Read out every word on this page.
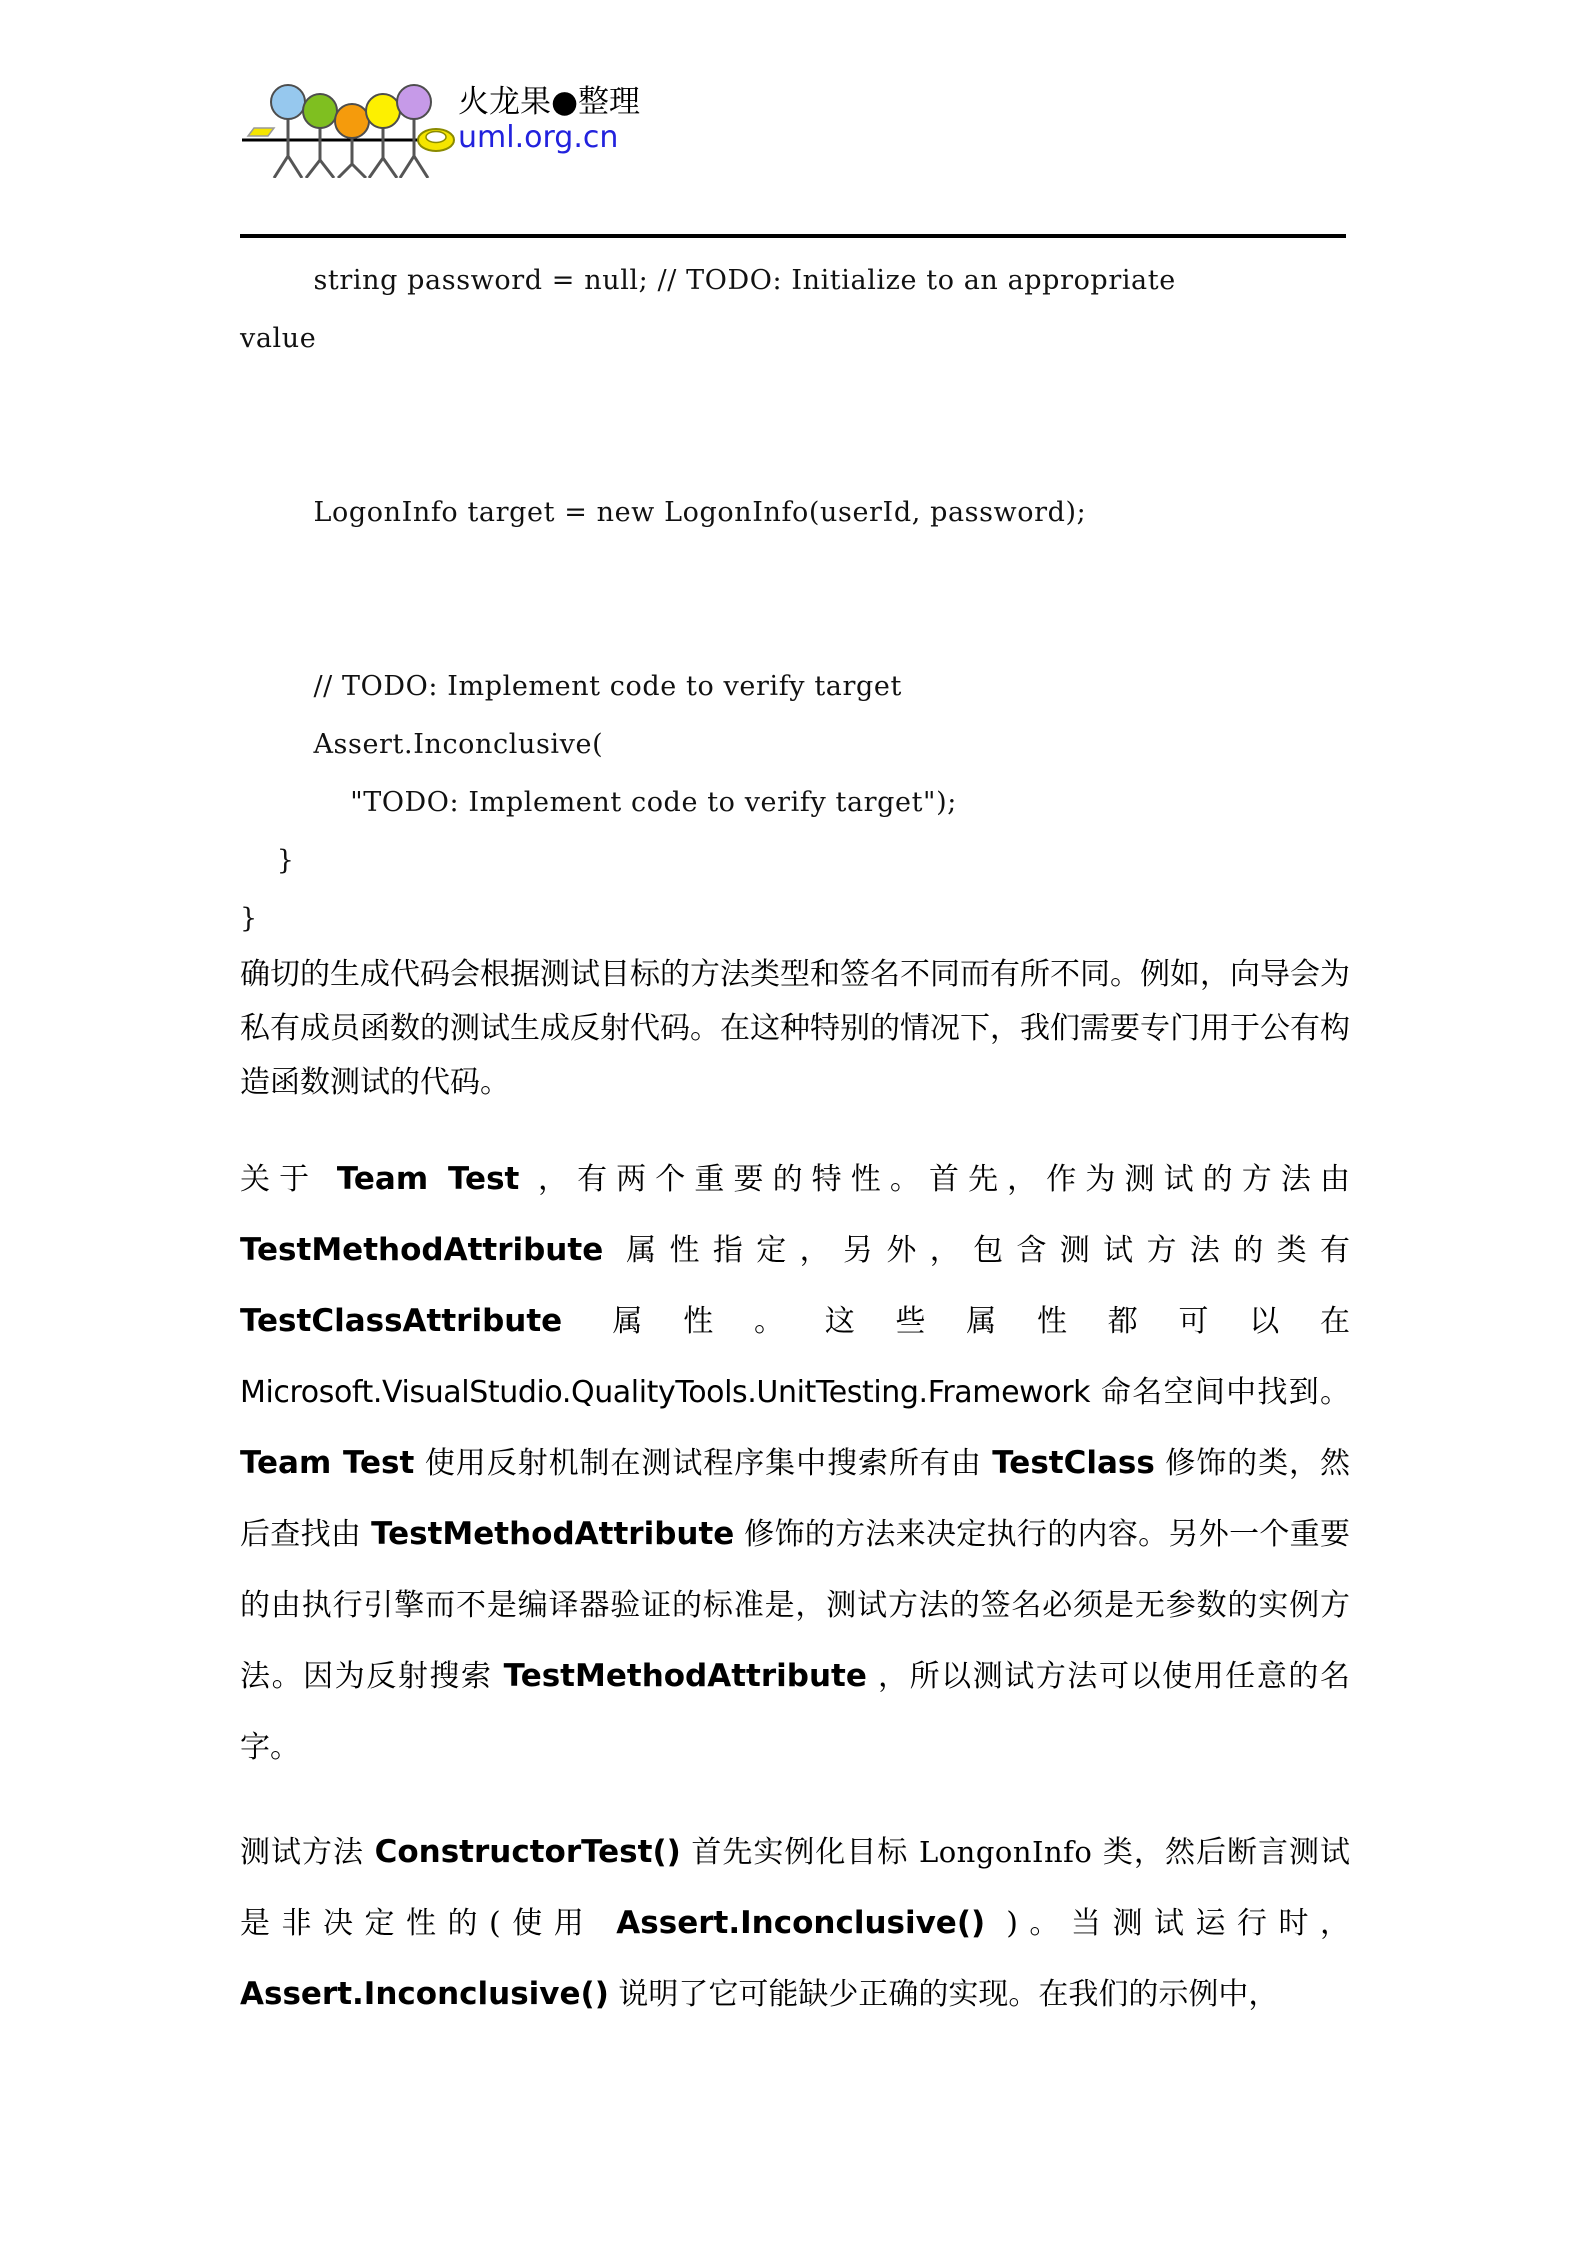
火龙果●整理
uml.org.cn
string password = null; // TODO: Initialize to an appropriate
value

LogonInfo target = new LogonInfo(userId, password);

// TODO: Implement code to verify target
Assert.Inconclusive(
"TODO: Implement code to verify target");
}
}

确切的生成代码会根据测试目标的方法类型和签名不同而有所不同。例如，向导会为私有成员函数的测试生成反射代码。在这种特别的情况下，我们需要专门用于公有构造函数测试的代码。

关于 Team Test ，有两个重要的特性。首先，作为测试的方法由 TestMethodAttribute 属性指定，另外，包含测试方法的类有 TestClassAttribute 属性。这些属性都可以在 Microsoft.VisualStudio.QualityTools.UnitTesting.Framework 命名空间中找到。 Team Test 使用反射机制在测试程序集中搜索所有由 TestClass 修饰的类，然后查找由 TestMethodAttribute 修饰的方法来决定执行的内容。另外一个重要的由执行引擎而不是编译器验证的标准是，测试方法的签名必须是无参数的实例方法。因为反射搜索 TestMethodAttribute ，所以测试方法可以使用任意的名字。

测试方法 ConstructorTest() 首先实例化目标 LongonInfo 类，然后断言测试是非决定性的(使用 Assert.Inconclusive() )。当测试运行时， Assert.Inconclusive() 说明了它可能缺少正确的实现。在我们的示例中，
